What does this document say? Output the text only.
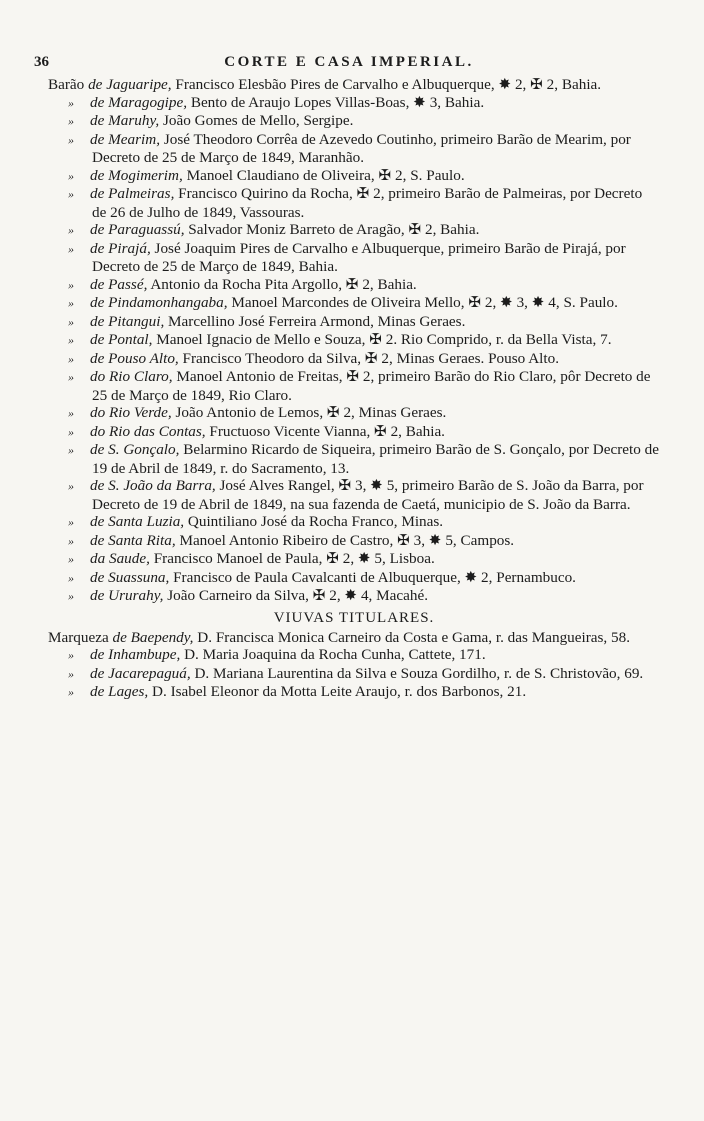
36	CORTE E CASA IMPERIAL.
Barão de Jaguaripe, Francisco Elesbão Pires de Carvalho e Albuquerque, ✸ 2, ✠ 2, Bahia.
» de Maragogipe, Bento de Araujo Lopes Villas-Boas, ✸ 3, Bahia.
» de Maruhy, João Gomes de Mello, Sergipe.
» de Mearim, José Theodoro Corrêa de Azevedo Coutinho, primeiro Barão de Mearim, por Decreto de 25 de Março de 1849, Maranhão.
» de Mogimerim, Manoel Claudiano de Oliveira, ✠ 2, S. Paulo.
» de Palmeiras, Francisco Quirino da Rocha, ✠ 2, primeiro Barão de Palmeiras, por Decreto de 26 de Julho de 1849, Vassouras.
» de Paraguassú, Salvador Moniz Barreto de Aragão, ✠ 2, Bahia.
» de Pirajá, José Joaquim Pires de Carvalho e Albuquerque, primeiro Barão de Pirajá, por Decreto de 25 de Março de 1849, Bahia.
» de Passé, Antonio da Rocha Pita Argollo, ✠ 2, Bahia.
» de Pindamonhangaba, Manoel Marcondes de Oliveira Mello, ✠ 2, ✸ 3, ✸ 4, S. Paulo.
» de Pitangui, Marcellino José Ferreira Armond, Minas Geraes.
» de Pontal, Manoel Ignacio de Mello e Souza, ✠ 2. Rio Comprido, r. da Bella Vista, 7.
» de Pouso Alto, Francisco Theodoro da Silva, ✠ 2, Minas Geraes. Pouso Alto.
» do Rio Claro, Manoel Antonio de Freitas, ✠ 2, primeiro Barão do Rio Claro, pôr Decreto de 25 de Março de 1849, Rio Claro.
» do Rio Verde, João Antonio de Lemos, ✠ 2, Minas Geraes.
» do Rio das Contas, Fructuoso Vicente Vianna, ✠ 2, Bahia.
» de S. Gonçalo, Belarmino Ricardo de Siqueira, primeiro Barão de S. Gonçalo, por Decreto de 19 de Abril de 1849, r. do Sacramento, 13.
» de S. João da Barra, José Alves Rangel, ✠ 3, ✸ 5, primeiro Barão de S. João da Barra, por Decreto de 19 de Abril de 1849, na sua fazenda de Caetá, municipio de S. João da Barra.
» de Santa Luzia, Quintiliano José da Rocha Franco, Minas.
» de Santa Rita, Manoel Antonio Ribeiro de Castro, ✠ 3, ✸ 5, Campos.
» da Saude, Francisco Manoel de Paula, ✠ 2, ✸ 5, Lisboa.
» de Suassuna, Francisco de Paula Cavalcanti de Albuquerque, ✸ 2, Pernambuco.
» de Ururahy, João Carneiro da Silva, ✠ 2, ✸ 4, Macahé.
VIUVAS TITULARES.
Marqueza de Baependy, D. Francisca Monica Carneiro da Costa e Gama, r. das Mangueiras, 58.
» de Inhambupe, D. Maria Joaquina da Rocha Cunha, Cattete, 171.
» de Jacarepaguá, D. Mariana Laurentina da Silva e Souza Gordilho, r. de S. Christovão, 69.
» de Lages, D. Isabel Eleonor da Motta Leite Araujo, r. dos Barbonos, 21.
